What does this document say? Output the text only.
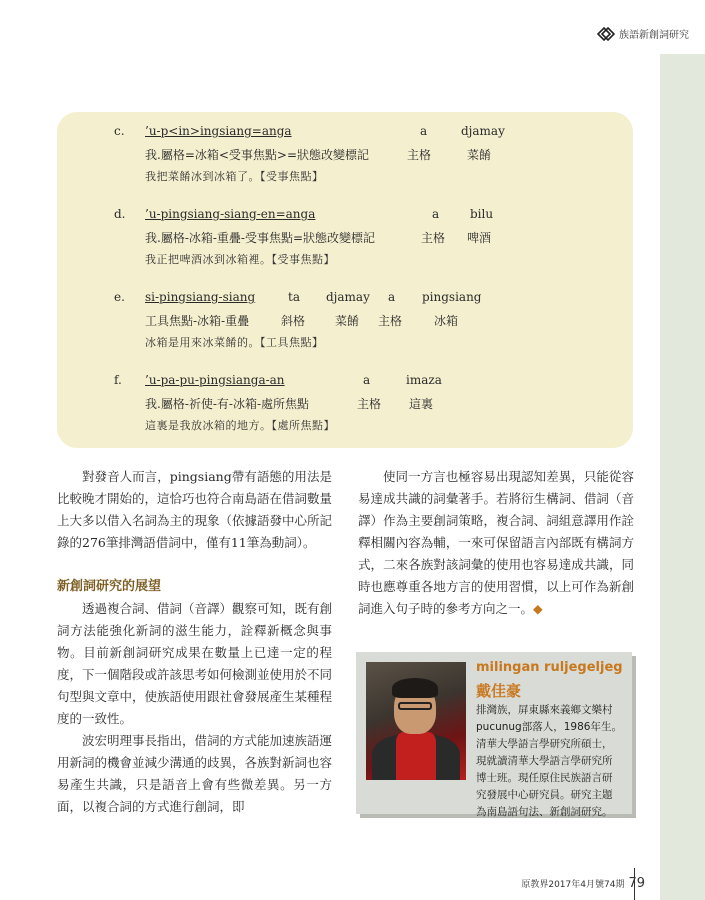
族語新創詞研究
c. ’u-p<in>ingsiang=anga	a	djamay
我.屬格=冰箱<受事焦點>=狀態改變標記	主格	菜餚
我把菜餚冰到冰箱了。【受事焦點】
d. ’u-pingsiang-siang-en=anga	a	bilu
我.屬格-冰箱-重疊-受事焦點=狀態改變標記	主格 啤酒
我正把啤酒冰到冰箱裡。【受事焦點】
e. si-pingsiang-siang	ta djamay a pingsiang
工具焦點-冰箱-重疊	斜格 菜餚 主格	冰箱
冰箱是用來冰菜餚的。【工具焦點】
f. ’u-pa-pu-pingsianga-an	a	imaza
我.屬格-祈使-有-冰箱-處所焦點	主格 這裏
這裏是我放冰箱的地方。【處所焦點】

對發音人而言，pingsiang帶有語態的用法是比較晚才開始的，這恰巧也符合南島語在借詞數量上大多以借入名詞為主的現象（依據語發中心所記錄的276筆排灣語借詞中，僅有11筆為動詞）。

新創詞研究的展望

透過複合詞、借詞（音譯）觀察可知，既有創詞方法能強化新詞的滋生能力，詮釋新概念與事物。目前新創詞研究成果在數量上已達一定的程度，下一個階段或許該思考如何檢測並使用於不同句型與文章中，使族語使用跟社會發展產生某種程度的一致性。

波宏明理事長指出，借詞的方式能加速族語運用新詞的機會並減少溝通的歧異，各族對新詞也容易產生共識，只是語音上會有些微差異。另一方面，以複合詞的方式進行創詞，即

使同一方言也極容易出現認知差異，只能從容易達成共識的詞彙著手。若將衍生構詞、借詞（音譯）作為主要創詞策略，複合詞、詞組意譯用作詮釋相關內容為輔，一來可保留語言內部既有構詞方式，二來各族對該詞彙的使用也容易達成共識，同時也應尊重各地方言的使用習慣，以上可作為新創詞進入句子時的參考方向之一。◆

milingan ruljegeljeg
戴佳豪
排灣族，屏東縣來義鄉文樂村pucunug部落人，1986年生。清華大學語言學研究所碩士，現就讀清華大學語言學研究所博士班。現任原住民族語言研究發展中心研究員。研究主題為南島語句法、新創詞研究。
原教界2017年4月號74期 79
